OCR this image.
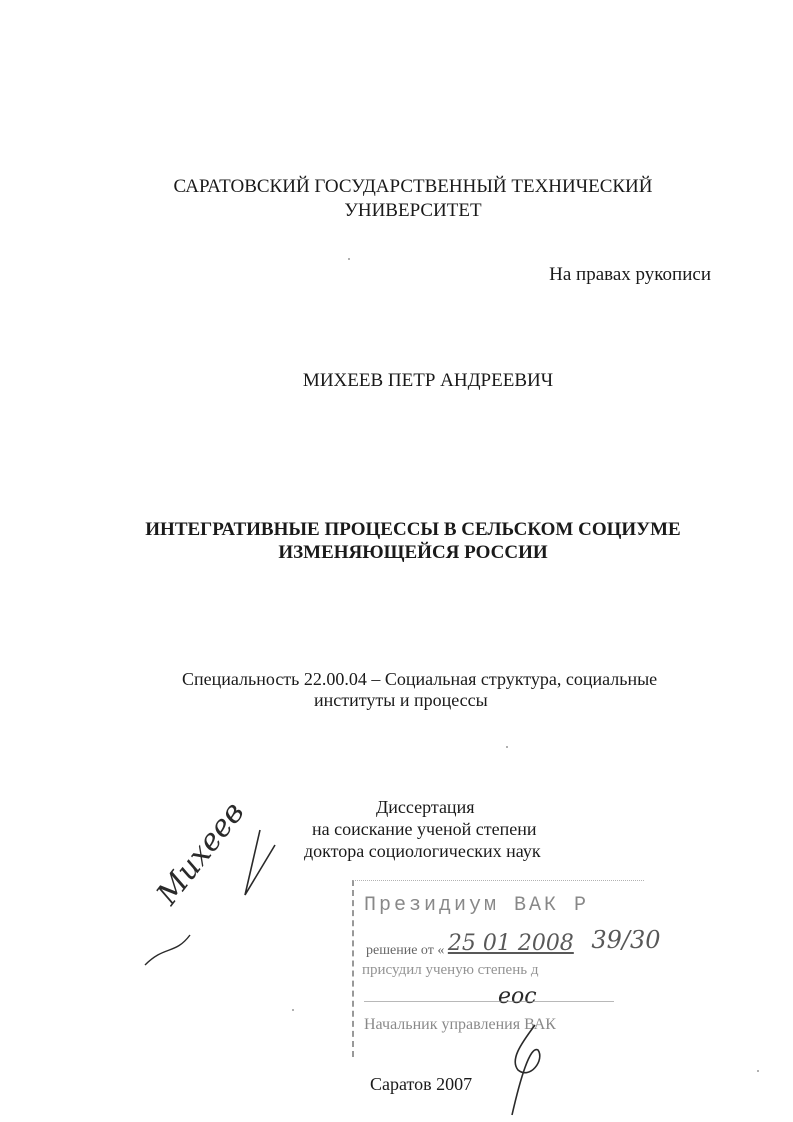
САРАТОВСКИЙ ГОСУДАРСТВЕННЫЙ ТЕХНИЧЕСКИЙ
УНИВЕРСИТЕТ
На правах рукописи
МИХЕЕВ ПЕТР АНДРЕЕВИЧ
ИНТЕГРАТИВНЫЕ ПРОЦЕССЫ В СЕЛЬСКОМ СОЦИУМЕ
ИЗМЕНЯЮЩЕЙСЯ РОССИИ
Специальность 22.00.04 – Социальная структура, социальные
институты и процессы
Диссертация
на соискание ученой степени
доктора социологических наук
Президиум ВАК Р
решение от « 25 01 2008 39/30
присудил ученую степень д
еос
Начальник управления ВАК
Саратов 2007
Михеев
